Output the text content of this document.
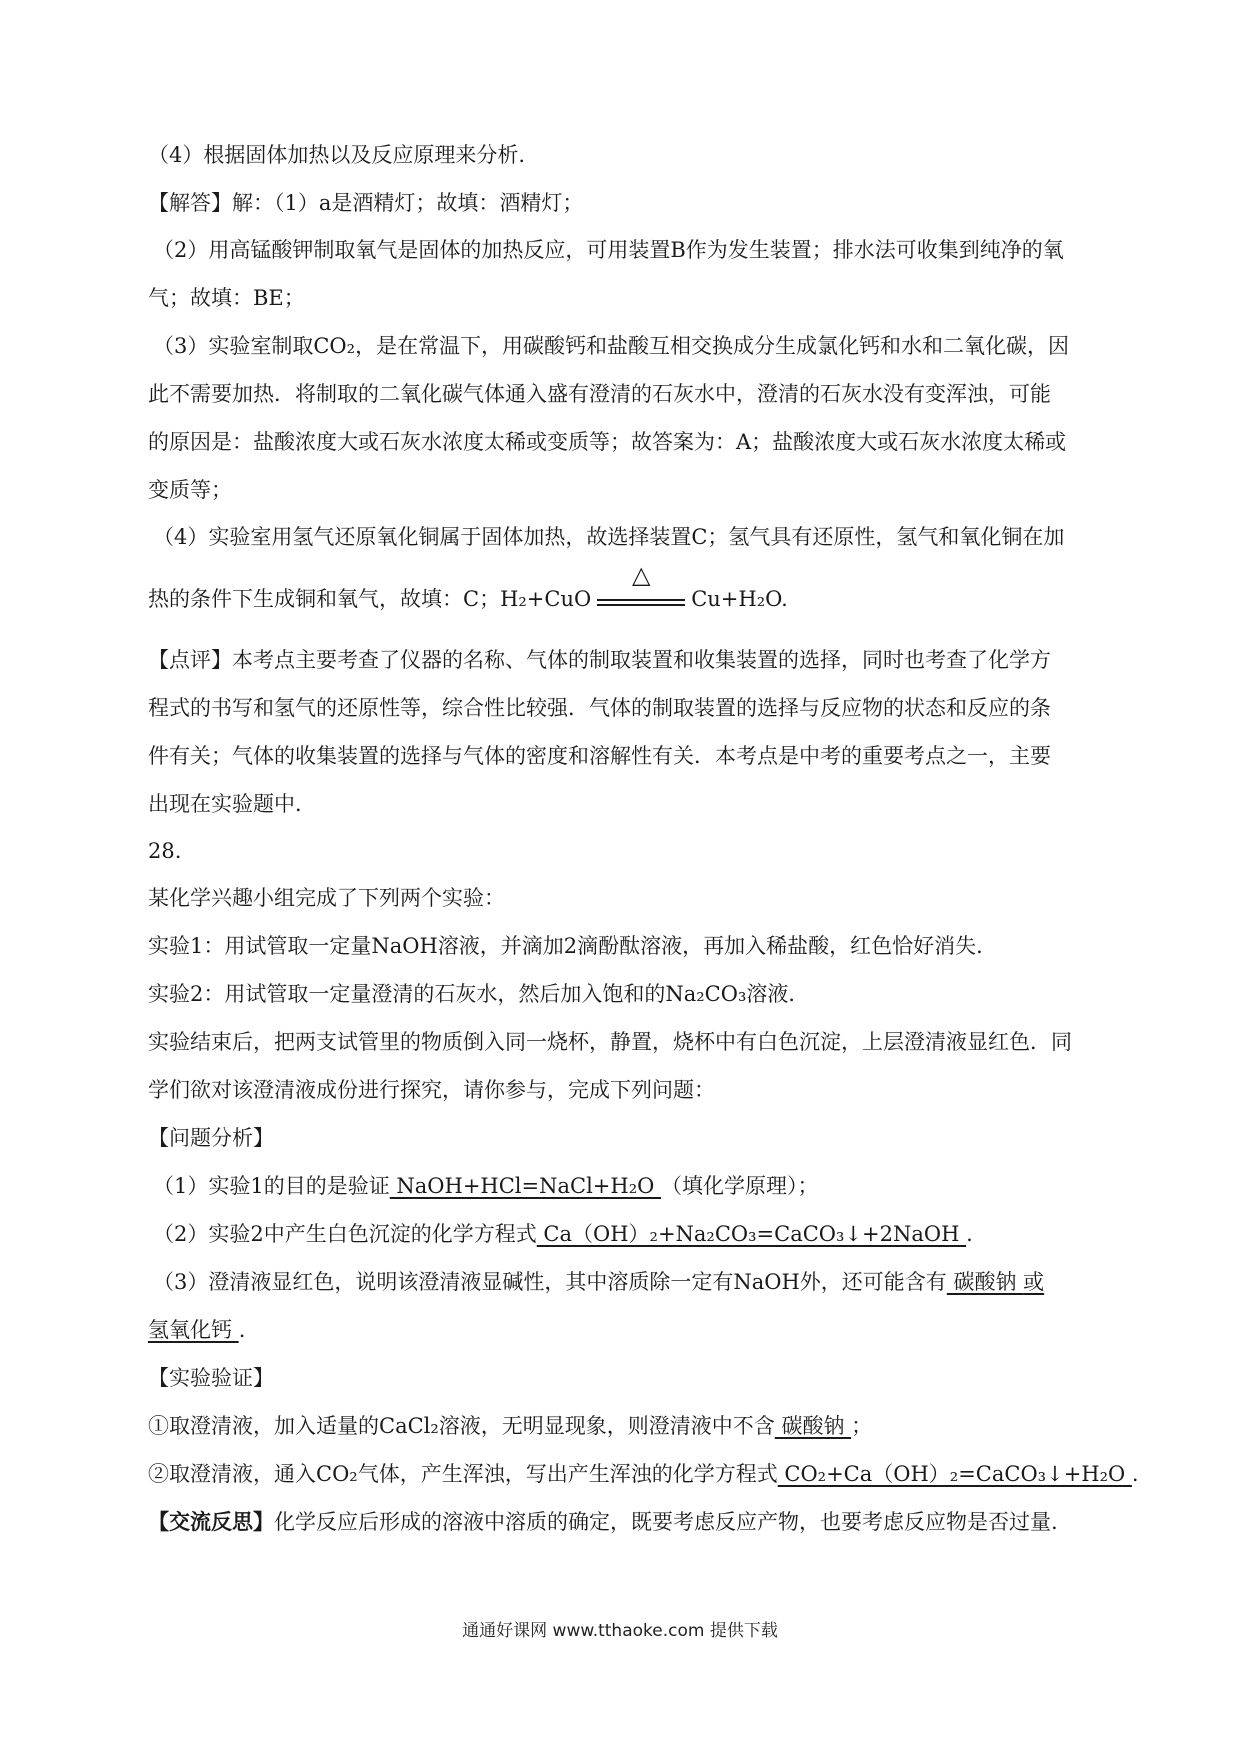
（4）根据固体加热以及反应原理来分析.
【解答】解：（1）a是酒精灯；故填：酒精灯；
（2）用高锰酸钾制取氧气是固体的加热反应，可用装置B作为发生装置；排水法可收集到纯净的氧
气；故填：BE；
（3）实验室制取CO₂，是在常温下，用碳酸钙和盐酸互相交换成分生成氯化钙和水和二氧化碳，因
此不需要加热．将制取的二氧化碳气体通入盛有澄清的石灰水中，澄清的石灰水没有变浑浊，可能
的原因是：盐酸浓度大或石灰水浓度太稀或变质等；故答案为：A；盐酸浓度大或石灰水浓度太稀或
变质等；
（4）实验室用氢气还原氧化铜属于固体加热，故选择装置C；氢气具有还原性，氢气和氧化铜在加
热的条件下生成铜和氧气，故填：C；H₂+CuO
△
Cu+H₂O.
【点评】本考点主要考查了仪器的名称、气体的制取装置和收集装置的选择，同时也考查了化学方
程式的书写和氢气的还原性等，综合性比较强．气体的制取装置的选择与反应物的状态和反应的条
件有关；气体的收集装置的选择与气体的密度和溶解性有关．本考点是中考的重要考点之一，主要
出现在实验题中．
28.
某化学兴趣小组完成了下列两个实验：
实验1：用试管取一定量NaOH溶液，并滴加2滴酚酞溶液，再加入稀盐酸，红色恰好消失．
实验2：用试管取一定量澄清的石灰水，然后加入饱和的Na₂CO₃溶液．
实验结束后，把两支试管里的物质倒入同一烧杯，静置，烧杯中有白色沉淀，上层澄清液显红色．同
学们欲对该澄清液成份进行探究，请你参与，完成下列问题：
【问题分析】
（1）实验1的目的是验证 NaOH+HCl=NaCl+H₂O （填化学原理）；
（2）实验2中产生白色沉淀的化学方程式 Ca（OH）₂+Na₂CO₃=CaCO₃↓+2NaOH .
（3）澄清液显红色，说明该澄清液显碱性，其中溶质除一定有NaOH外，还可能含有 碳酸钠 或
氢氧化钙 .
【实验验证】
①取澄清液，加入适量的CaCl₂溶液，无明显现象，则澄清液中不含 碳酸钠 ；
②取澄清液，通入CO₂气体，产生浑浊，写出产生浑浊的化学方程式 CO₂+Ca（OH）₂=CaCO₃↓+H₂O .
【交流反思】化学反应后形成的溶液中溶质的确定，既要考虑反应产物，也要考虑反应物是否过量.
通通好课网 www.tthaoke.com 提供下载
